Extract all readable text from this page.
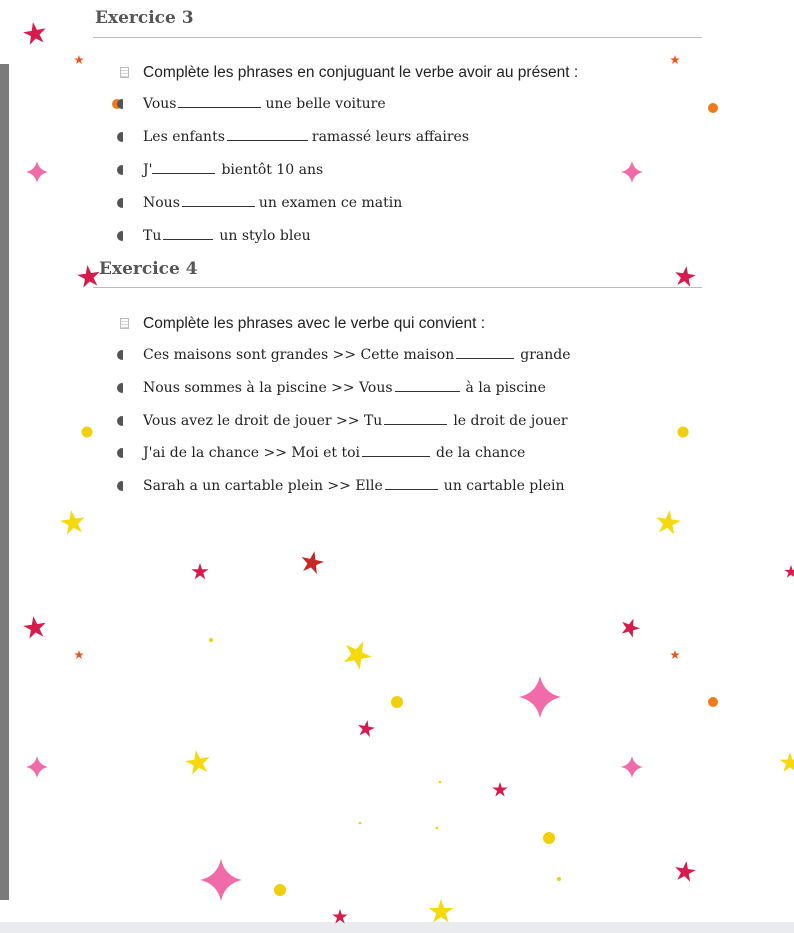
Exercice 3
Complète les phrases en conjuguant le verbe avoir au présent :
Vous	une belle voiture
Les enfants	ramassé leurs affaires
J'	bientôt 10 ans
Nous	un examen ce matin
Tu	un stylo bleu
Exercice 4
Complète les phrases avec le verbe qui convient :
Ces maisons sont grandes >> Cette maison	grande
Nous sommes à la piscine >> Vous	à la piscine
Vous avez le droit de jouer >> Tu	le droit de jouer
J'ai de la chance >> Moi et toi	de la chance
Sarah a un cartable plein >> Elle	un cartable plein
